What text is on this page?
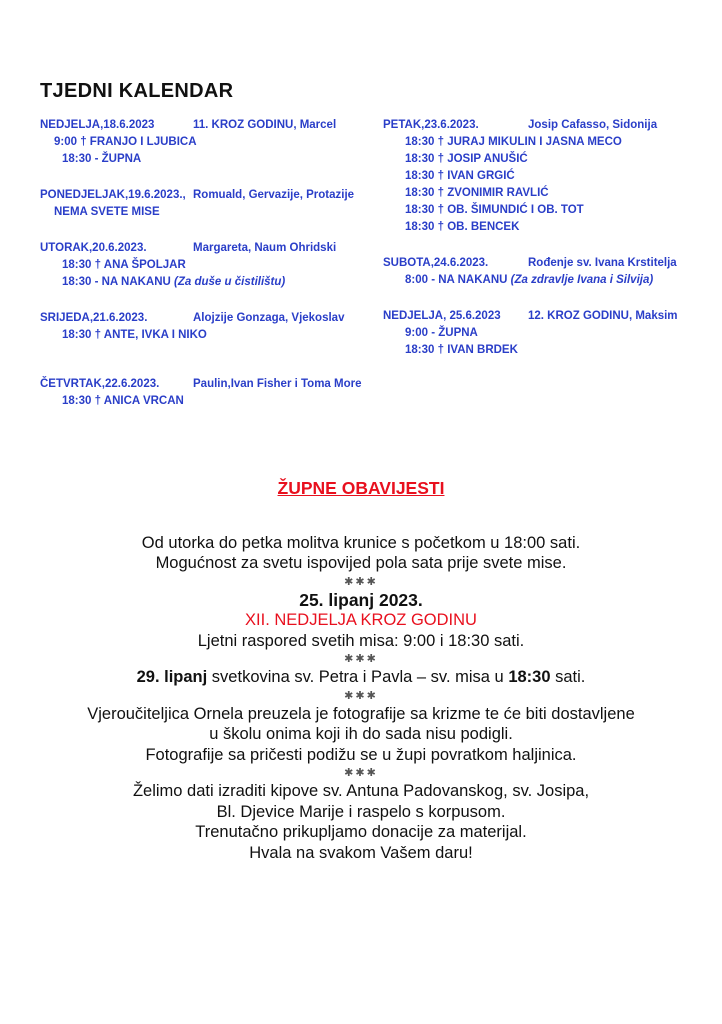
TJEDNI KALENDAR
NEDJELJA,18.6.2023	11. KROZ GODINU, Marcel
9:00 † FRANJO I LJUBICA
18:30 - ŽUPNA
PONEDJELJAK,19.6.2023., Romuald, Gervazije, Protazije
NEMA SVETE MISE
UTORAK,20.6.2023.	Margareta, Naum Ohridski
18:30 † ANA ŠPOLJAR
18:30 - NA NAKANU (Za duše u čistilištu)
SRIJEDA,21.6.2023.	Alojzije Gonzaga, Vjekoslav
18:30 † ANTE, IVKA I NIKO
ČETVRTAK,22.6.2023.	Paulin,Ivan Fisher i Toma More
18:30 † ANICA VRCAN
PETAK,23.6.2023.	Josip Cafasso, Sidonija
18:30 † JURAJ MIKULIN I JASNA MECO
18:30 † JOSIP ANUŠIĆ
18:30 † IVAN GRGIĆ
18:30 † ZVONIMIR RAVLIĆ
18:30 † OB. ŠIMUNDIĆ I OB. TOT
18:30 † OB. BENCEK
SUBOTA,24.6.2023.	Rođenje sv. Ivana Krstitelja
8:00 - NA NAKANU (Za zdravlje Ivana i Silvija)
NEDJELJA, 25.6.2023 12. KROZ GODINU, Maksim
9:00 - ŽUPNA
18:30 † IVAN BRDEK
ŽUPNE OBAVIJESTI
Od utorka do petka molitva krunice s početkom u 18:00 sati.
Mogućnost za svetu ispovijed pola sata prije svete mise.
✱✱✱
25. lipanj 2023.
XII. NEDJELJA KROZ GODINU
Ljetni raspored svetih misa: 9:00 i 18:30 sati.
✱✱✱
29. lipanj svetkovina sv. Petra i Pavla – sv. misa u 18:30 sati.
✱✱✱
Vjeroučiteljica Ornela preuzela je fotografije sa krizme te će biti dostavljene
u školu onima koji ih do sada nisu podigli.
Fotografije sa pričesti podižu se u župi povratkom haljinica.
✱✱✱
Želimo dati izraditi kipove sv. Antuna Padovanskog, sv. Josipa,
Bl. Djevice Marije i raspelo s korpusom.
Trenutačno prikupljamo donacije za materijal.
Hvala na svakom Vašem daru!
